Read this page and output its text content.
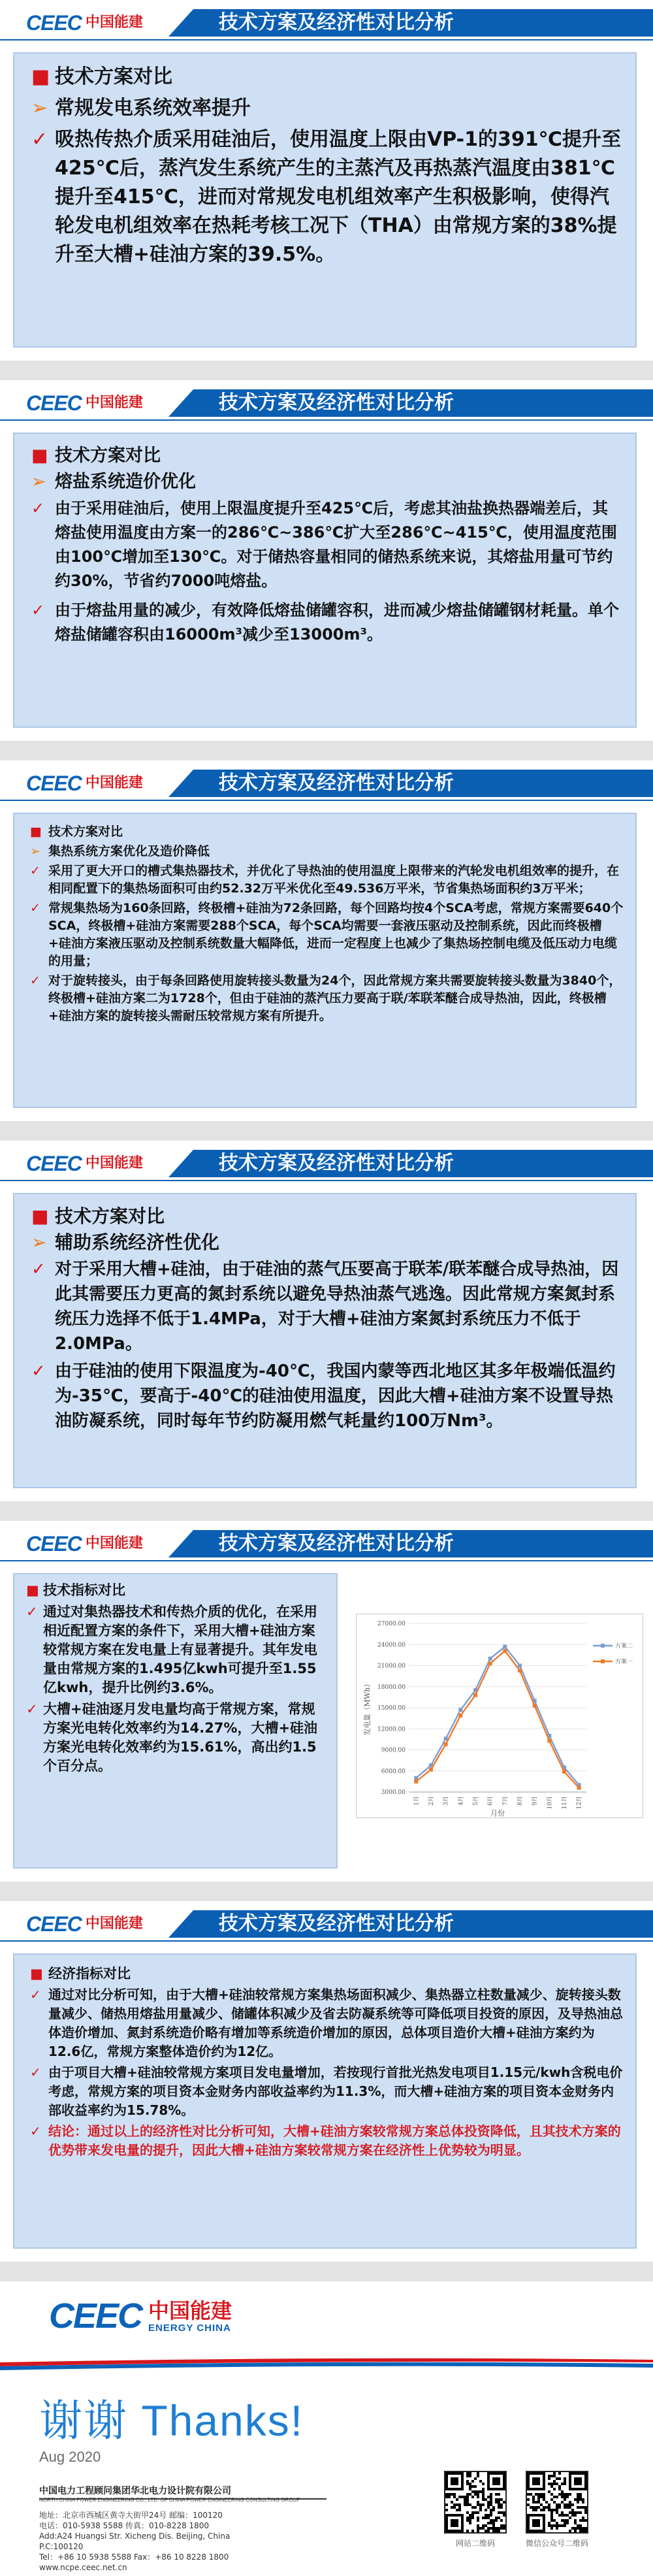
CEEC 中国能建	技术方案及经济性对比分析
■ 技术方案对比
➢ 常规发电系统效率提升
✓ 吸热传热介质采用硅油后，使用温度上限由VP-1的391℃提升至425℃后，蒸汽发生系统产生的主蒸汽及再热蒸汽温度由381℃提升至415℃，进而对常规发电机组效率产生积极影响，使得汽轮发电机组效率在热耗考核工况下（THA）由常规方案的38%提升至大槽+硅油方案的39.5%。
CEEC 中国能建	技术方案及经济性对比分析
■ 技术方案对比
➢ 熔盐系统造价优化
✓ 由于采用硅油后，使用上限温度提升至425℃后，考虑其油盐换热器端差后，其熔盐使用温度由方案一的286℃~386℃扩大至286℃~415℃，使用温度范围由100℃增加至130℃。对于储热容量相同的储热系统来说，其熔盐用量可节约约30%，节省约7000吨熔盐。
✓ 由于熔盐用量的减少，有效降低熔盐储罐容积，进而减少熔盐储罐钢材耗量。单个熔盐储罐容积由16000m³减少至13000m³。
CEEC 中国能建	技术方案及经济性对比分析
■ 技术方案对比
➢ 集热系统方案优化及造价降低
✓ 采用了更大开口的槽式集热器技术，并优化了导热油的使用温度上限带来的汽轮发电机组效率的提升，在相同配置下的集热场面积可由约52.32万平米优化至49.536万平米，节省集热场面积约3万平米；
✓ 常规集热场为160条回路，终极槽+硅油为72条回路，每个回路均按4个SCA考虑，常规方案需要640个SCA，终极槽+硅油方案需要288个SCA，每个SCA均需要一套液压驱动及控制系统，因此而终极槽+硅油方案液压驱动及控制系统数量大幅降低，进而一定程度上也减少了集热场控制电缆及低压动力电缆的用量；
✓ 对于旋转接头，由于每条回路使用旋转接头数量为24个，因此常规方案共需要旋转接头数量为3840个，终极槽+硅油方案二为1728个，但由于硅油的蒸汽压力要高于联/苯联苯醚合成导热油，因此，终极槽+硅油方案的旋转接头需耐压较常规方案有所提升。
CEEC 中国能建	技术方案及经济性对比分析
■ 技术方案对比
➢ 辅助系统经济性优化
✓ 对于采用大槽+硅油，由于硅油的蒸气压要高于联苯/联苯醚合成导热油，因此其需要压力更高的氮封系统以避免导热油蒸气逃逸。因此常规方案氮封系统压力选择不低于1.4MPa，对于大槽+硅油方案氮封系统压力不低于2.0MPa。
✓ 由于硅油的使用下限温度为-40℃，我国内蒙等西北地区其多年极端低温约为-35℃，要高于-40℃的硅油使用温度，因此大槽+硅油方案不设置导热油防凝系统，同时每年节约防凝用燃气耗量约100万Nm³。
CEEC 中国能建	技术方案及经济性对比分析
■ 技术指标对比
✓ 通过对集热器技术和传热介质的优化，在采用相近配置方案的条件下，采用大槽+硅油方案较常规方案在发电量上有显著提升。其年发电量由常规方案的1.495亿kwh可提升至1.55亿kwh，提升比例约3.6%。
✓ 大槽+硅油逐月发电量均高于常规方案，常规方案光电转化效率约为14.27%，大槽+硅油方案光电转化效率约为15.61%，高出约1.5个百分点。
3000.00
6000.00
9000.00
12000.00
15000.00
18000.00
21000.00
24000.00
27000.00
1月 2月 3月 4月 5月 6月 7月 8月 9月 10月 11月 12月
月份
发电量（MWh）
方案二
方案一
CEEC 中国能建	技术方案及经济性对比分析
■ 经济指标对比
✓ 通过对比分析可知，由于大槽+硅油较常规方案集热场面积减少、集热器立柱数量减少、旋转接头数量减少、储热用熔盐用量减少、储罐体积减少及省去防凝系统等可降低项目投资的原因，及导热油总体造价增加、氮封系统造价略有增加等系统造价增加的原因，总体项目造价大槽+硅油方案约为12.6亿，常规方案整体造价约为12亿。
✓ 由于项目大槽+硅油较常规方案项目发电量增加，若按现行首批光热发电项目1.15元/kwh含税电价考虑，常规方案的项目资本金财务内部收益率约为11.3%，而大槽+硅油方案的项目资本金财务内部收益率约为15.78%。
✓ 结论：通过以上的经济性对比分析可知，大槽+硅油方案较常规方案总体投资降低，且其技术方案的优势带来发电量的提升，因此大槽+硅油方案较常规方案在经济性上优势较为明显。
CEEC 中国能建
ENERGY CHINA
谢谢 Thanks!
Aug 2020
中国电力工程顾问集团华北电力设计院有限公司
NORTH CHINA POWER ENGINEERING CO., LTD. OF CHINA POWER ENGINEERING CONSULTING GROUP
地址：北京市西城区黄寺大街甲24号 邮编：100120
电话：010-5938 5588 传真：010-8228 1800
Add:A24 Huangsi Str. Xicheng Dis. Beijing, China
P.C:100120
Tel：+86 10 5938 5588 Fax：+86 10 8228 1800
www.ncpe.ceec.net.cn
网站二维码	微信公众号二维码
